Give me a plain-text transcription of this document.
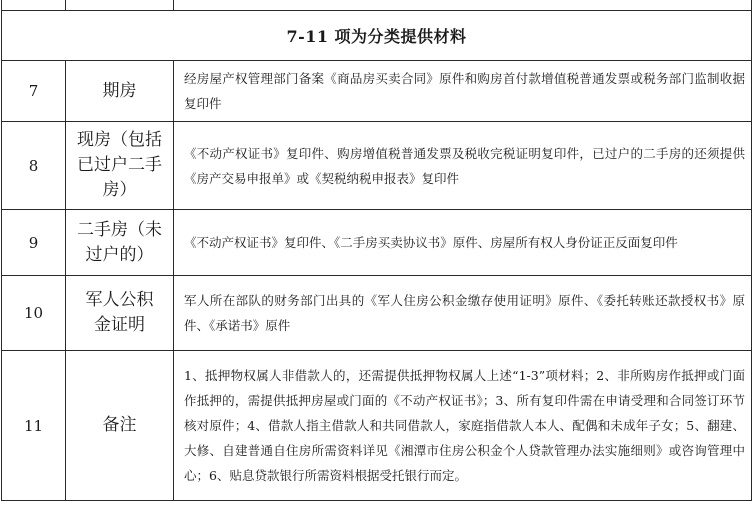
7-11 项为分类提供材料		
7	期房	经房屋产权管理部门备案《商品房买卖合同》原件和购房首付款增值税普通发票或税务部门监制收据复印件
8	现房（包括已过户二手房）	《不动产权证书》复印件、购房增值税普通发票及税收完税证明复印件，已过户的二手房的还须提供《房产交易申报单》或《契税纳税申报表》复印件
9	二手房（未过户的）	《不动产权证书》复印件、《二手房买卖协议书》原件、房屋所有权人身份证正反面复印件
10	军人公积金证明	军人所在部队的财务部门出具的《军人住房公积金缴存使用证明》原件、《委托转账还款授权书》原件、《承诺书》原件
11	备注	1、抵押物权属人非借款人的，还需提供抵押物权属人上述“1-3”项材料；2、非所购房作抵押或门面作抵押的，需提供抵押房屋或门面的《不动产权证书》；3、所有复印件需在申请受理和合同签订环节核对原件；4、借款人指主借款人和共同借款人，家庭指借款人本人、配偶和未成年子女；5、翻建、大修、自建普通自住房所需资料详见《湘潭市住房公积金个人贷款管理办法实施细则》或咨询管理中心；6、贴息贷款银行所需资料根据受托银行而定。
